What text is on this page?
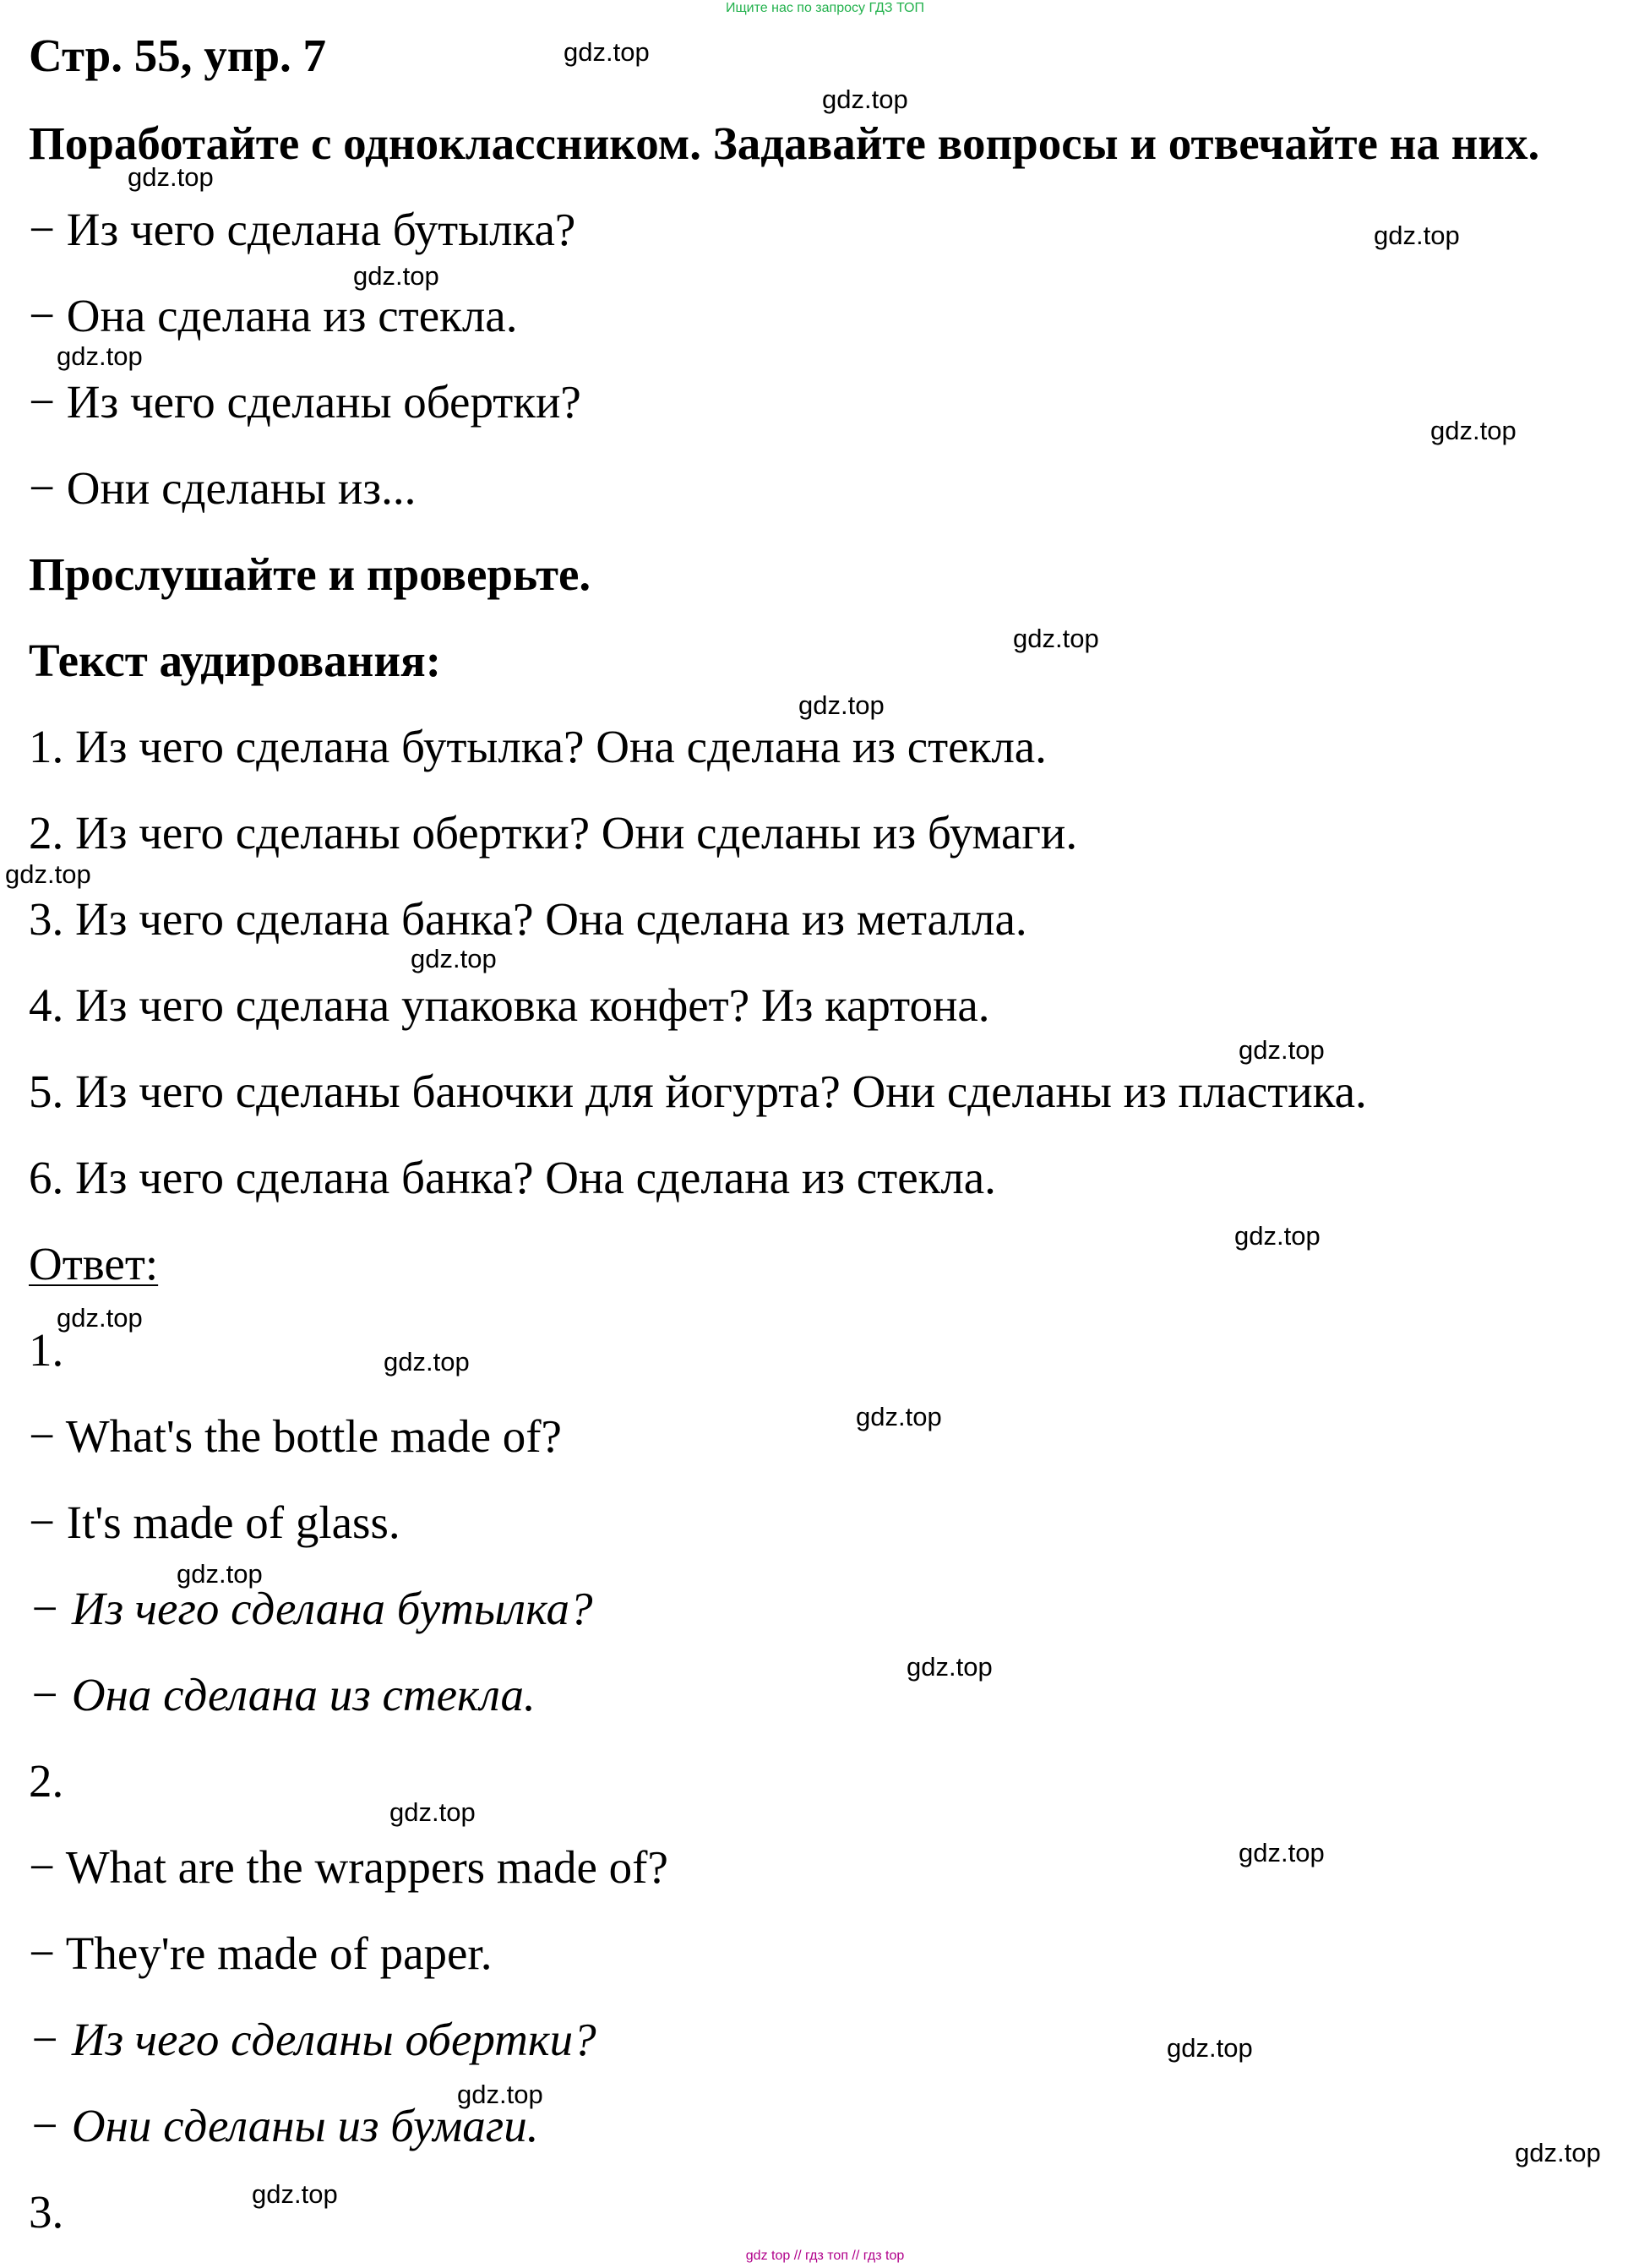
Ищите нас по запросу ГДЗ ТОП
Стр. 55, упр. 7
Поработайте с одноклассником. Задавайте вопросы и отвечайте на них.
− Из чего сделана бутылка?
− Она сделана из стекла.
− Из чего сделаны обертки?
− Они сделаны из...
Прослушайте и проверьте.
Текст аудирования:
1. Из чего сделана бутылка? Она сделана из стекла.
2. Из чего сделаны обертки? Они сделаны из бумаги.
3. Из чего сделана банка? Она сделана из металла.
4. Из чего сделана упаковка конфет? Из картона.
5. Из чего сделаны баночки для йогурта? Они сделаны из пластика.
6. Из чего сделана банка? Она сделана из стекла.
Ответ:
1.
− What's the bottle made of?
− It's made of glass.
− Из чего сделана бутылка?
− Она сделана из стекла.
2.
− What are the wrappers made of?
− They're made of paper.
− Из чего сделаны обертки?
− Они сделаны из бумаги.
3.
gdz.top
gdz.top
gdz.top
gdz.top
gdz.top
gdz.top
gdz.top
gdz.top
gdz.top
gdz.top
gdz.top
gdz.top
gdz.top
gdz.top
gdz.top
gdz.top
gdz.top
gdz.top
gdz.top
gdz.top
gdz.top
gdz.top
gdz.top
gdz.top
gdz top // гдз топ // гдз top
